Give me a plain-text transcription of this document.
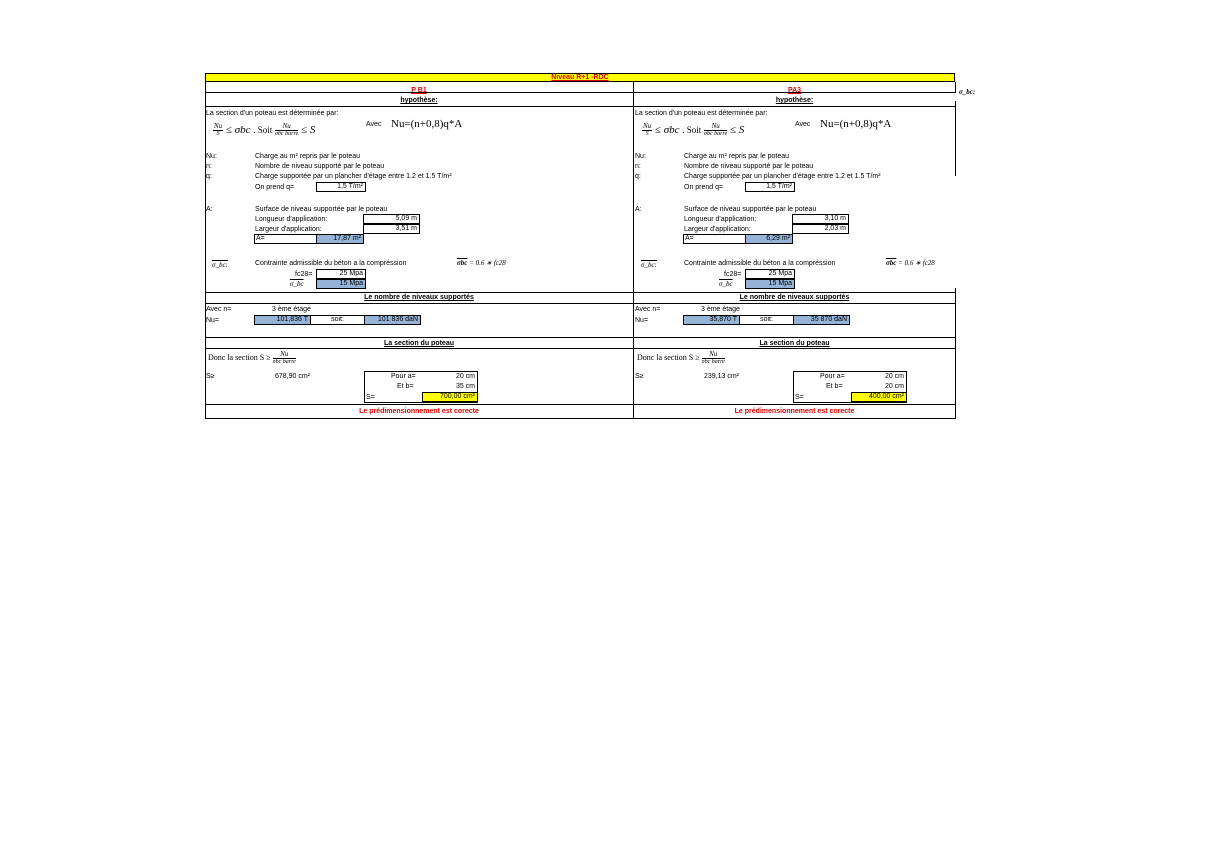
Niveau R+1 -RDC
P B1
hypothèse:
La section d'un poteau est déterminée par:
$\frac{Nu}{S} \le \sigma bc$ . Soit $\frac{Nu}{\text{σbc barre}} \le S$	Avec Nu=(n+0,8)q*A
Nu:	Charge au m² repris par le poteau
n:	Nombre de niveau supporté par le poteau
q:	Charge supportée par un plancher d'étage entre 1.2 et 1.5 T/m²
On prend q=	1,5 T/m²
A:	Surface de niveau supportée par le poteau
Longueur d'application:	5,09 m
Largeur d'application:	3,51 m
A=	17,87 m²
σ_bc:	Contrainte admissible du béton a la compréssion	$\overline{\sigma bc} = 0.6$ ∗ fc28
fc28=	25 Mpa
σ_bc	15 Mpa
Le nombre de niveaux supportés
Avec n=	3 ème étage
Nu=	101,836 T	soit:	101 836 daN
La section du poteau
Donc la section $S \ge \frac{Nu}{\text{σbc barre}}$
S≥	678,90 cm²	Pour a=	20 cm
Et b=	35 cm
S=	700,00 cm²
Le prédimensionnement est corecte
PA3
hypothèse:
La section d'un poteau est déterminée par:
$\frac{Nu}{S} \le \sigma bc$ . Soit $\frac{Nu}{\text{σbc barre}} \le S$	Avec Nu=(n+0,8)q*A
Nu:	Charge au m² repris par le poteau
n:	Nombre de niveau supporté par le poteau
q:	Charge supportée par un plancher d'étage entre 1.2 et 1.5 T/m²
On prend q=	1,5 T/m²
A:	Surface de niveau supportée par le poteau
Longueur d'application:	3,10 m
Largeur d'application:	2,03 m
A=	6,29 m²
σ_bc:	Contrainte admissible du béton a la compréssion	$\overline{\sigma bc} = 0.6$ ∗ fc28
fc28=	25 Mpa
σ_bc	15 Mpa
Le nombre de niveaux supportés
Avec n=	3 ème étage
Nu=	35,870 T	soit:	35 870 daN
La section du poteau
Donc la section $S \ge \frac{Nu}{\text{σbc barre}}$
S≥	239,13 cm²	Pour a=	20 cm
Et b=	20 cm
S=	400,00 cm²
Le prédimensionnement est corecte
σ_bc:
